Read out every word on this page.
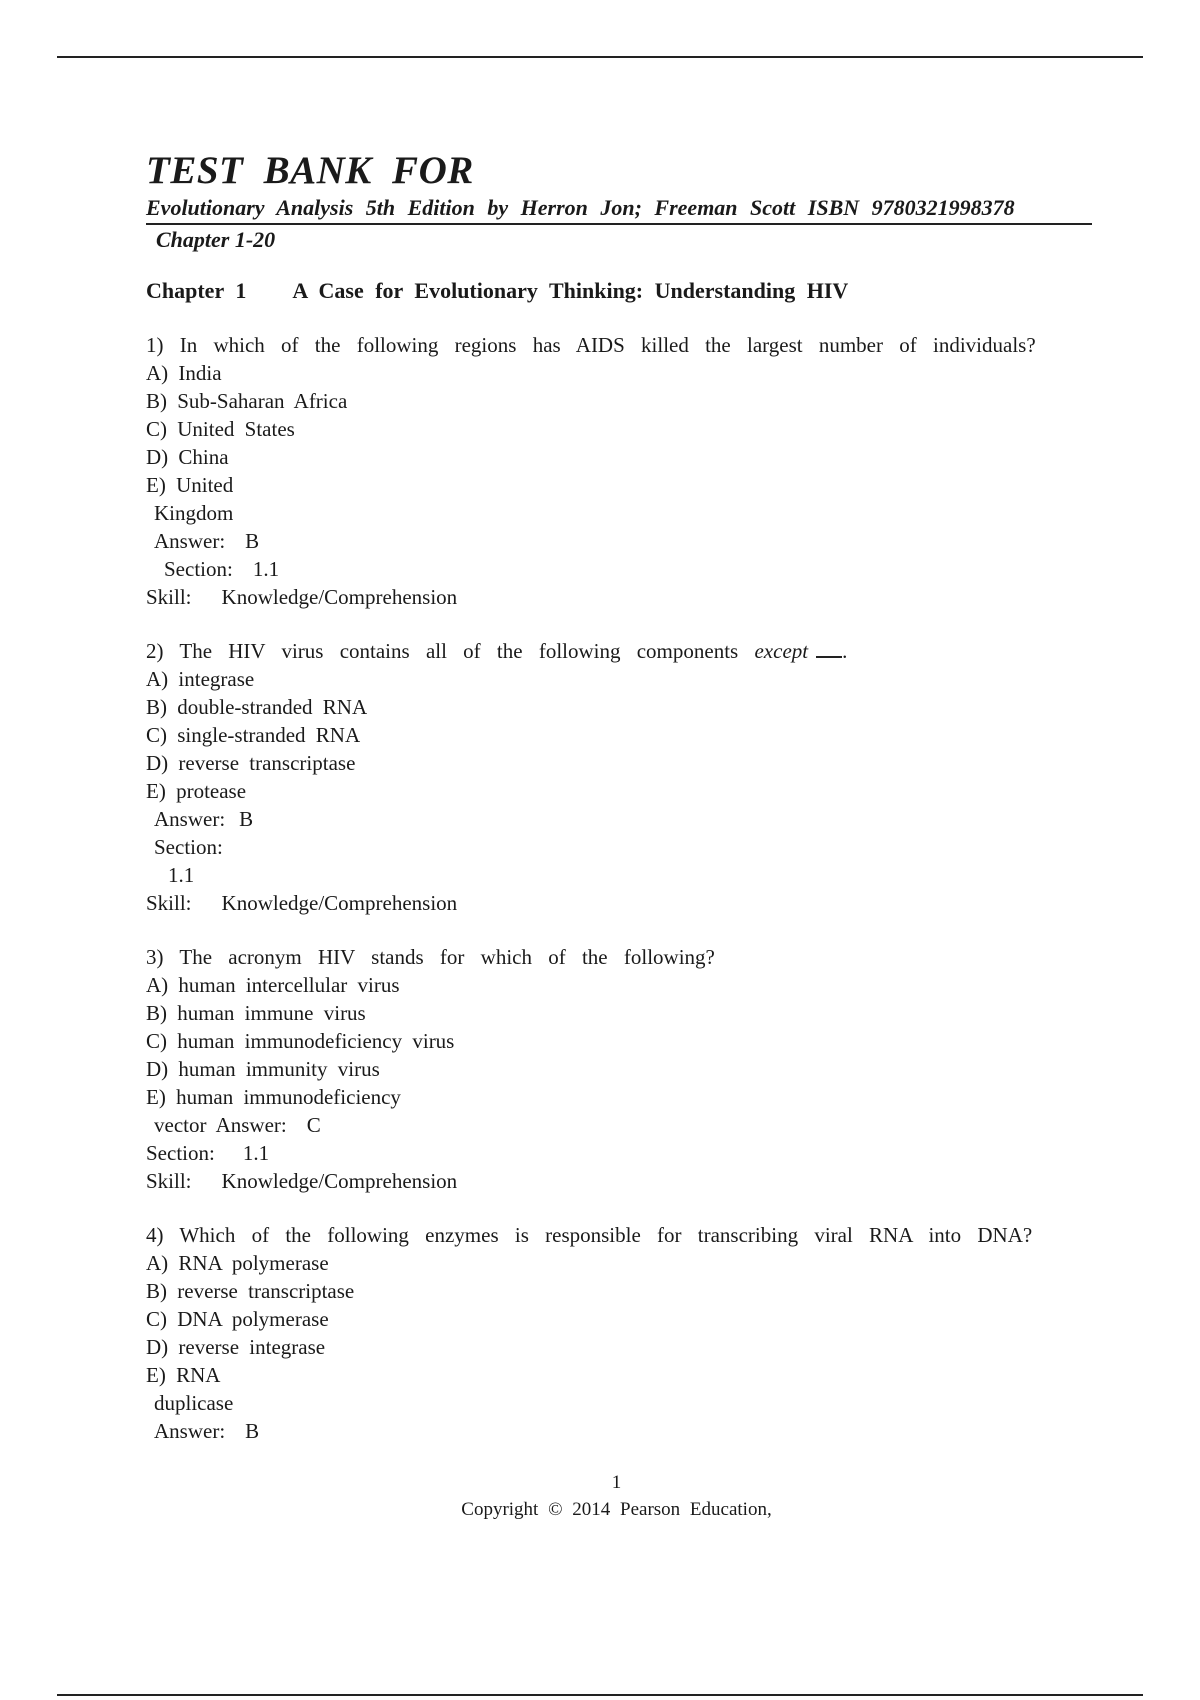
TEST BANK FOR
Evolutionary Analysis 5th Edition by Herron Jon; Freeman Scott ISBN 9780321998378
Chapter 1-20
Chapter 1 A Case for Evolutionary Thinking: Understanding HIV
1) In which of the following regions has AIDS killed the largest number of individuals?
A) India
B) Sub-Saharan Africa
C) United States
D) China
E) United
Kingdom
Answer: B
Section: 1.1
Skill: Knowledge/Comprehension
2) The HIV virus contains all of the following components except .
A) integrase
B) double-stranded RNA
C) single-stranded RNA
D) reverse transcriptase
E) protease
Answer: B
Section:
1.1
Skill: Knowledge/Comprehension
3) The acronym HIV stands for which of the following?
A) human intercellular virus
B) human immune virus
C) human immunodeficiency virus
D) human immunity virus
E) human immunodeficiency
vector Answer: C
Section: 1.1
Skill: Knowledge/Comprehension
4) Which of the following enzymes is responsible for transcribing viral RNA into DNA?
A) RNA polymerase
B) reverse transcriptase
C) DNA polymerase
D) reverse integrase
E) RNA
duplicase
Answer: B
1
Copyright © 2014 Pearson Education,
